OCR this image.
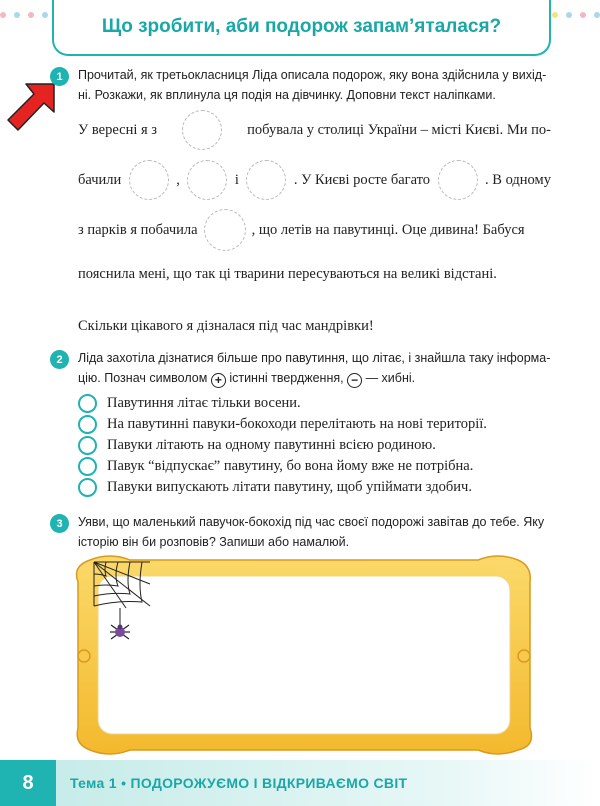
Що зробити, аби подорож запам’яталася?
1	Прочитай, як третьокласниця Ліда описала подорож, яку вона здійснила у вихід-
ні. Розкажи, як вплинула ця подія на дівчинку. Доповни текст наліпками.
У вересні я з	побувала у столиці України – місті Києві. Ми по-
бачили	,	і	. У Києві росте багато	. В одному
з парків я побачила	, що летів на павутинці. Оце дивина! Бабуся
пояснила мені, що так ці тварини пересуваються на великі відстані.
Скільки цікавого я дізналася під час мандрівки!
2	Ліда захотіла дізнатися більше про павутиння, що літає, і знайшла таку інформа-
цію. Познач символом + істинні твердження, − — хибні.
Павутиння літає тільки восени.
На павутинні павуки-бокоходи перелітають на нові території.
Павуки літають на одному павутинні всією родиною.
Павук “відпускає” павутину, бо вона йому вже не потрібна.
Павуки випускають літати павутину, щоб упіймати здобич.
3	Уяви, що маленький павучок-бокохід під час своєї подорожі завітав до тебе. Яку
історію він би розповів? Запиши або намалюй.
8	Тема 1 • ПОДОРОЖУЄМО І ВІДКРИВАЄМО СВІТ
